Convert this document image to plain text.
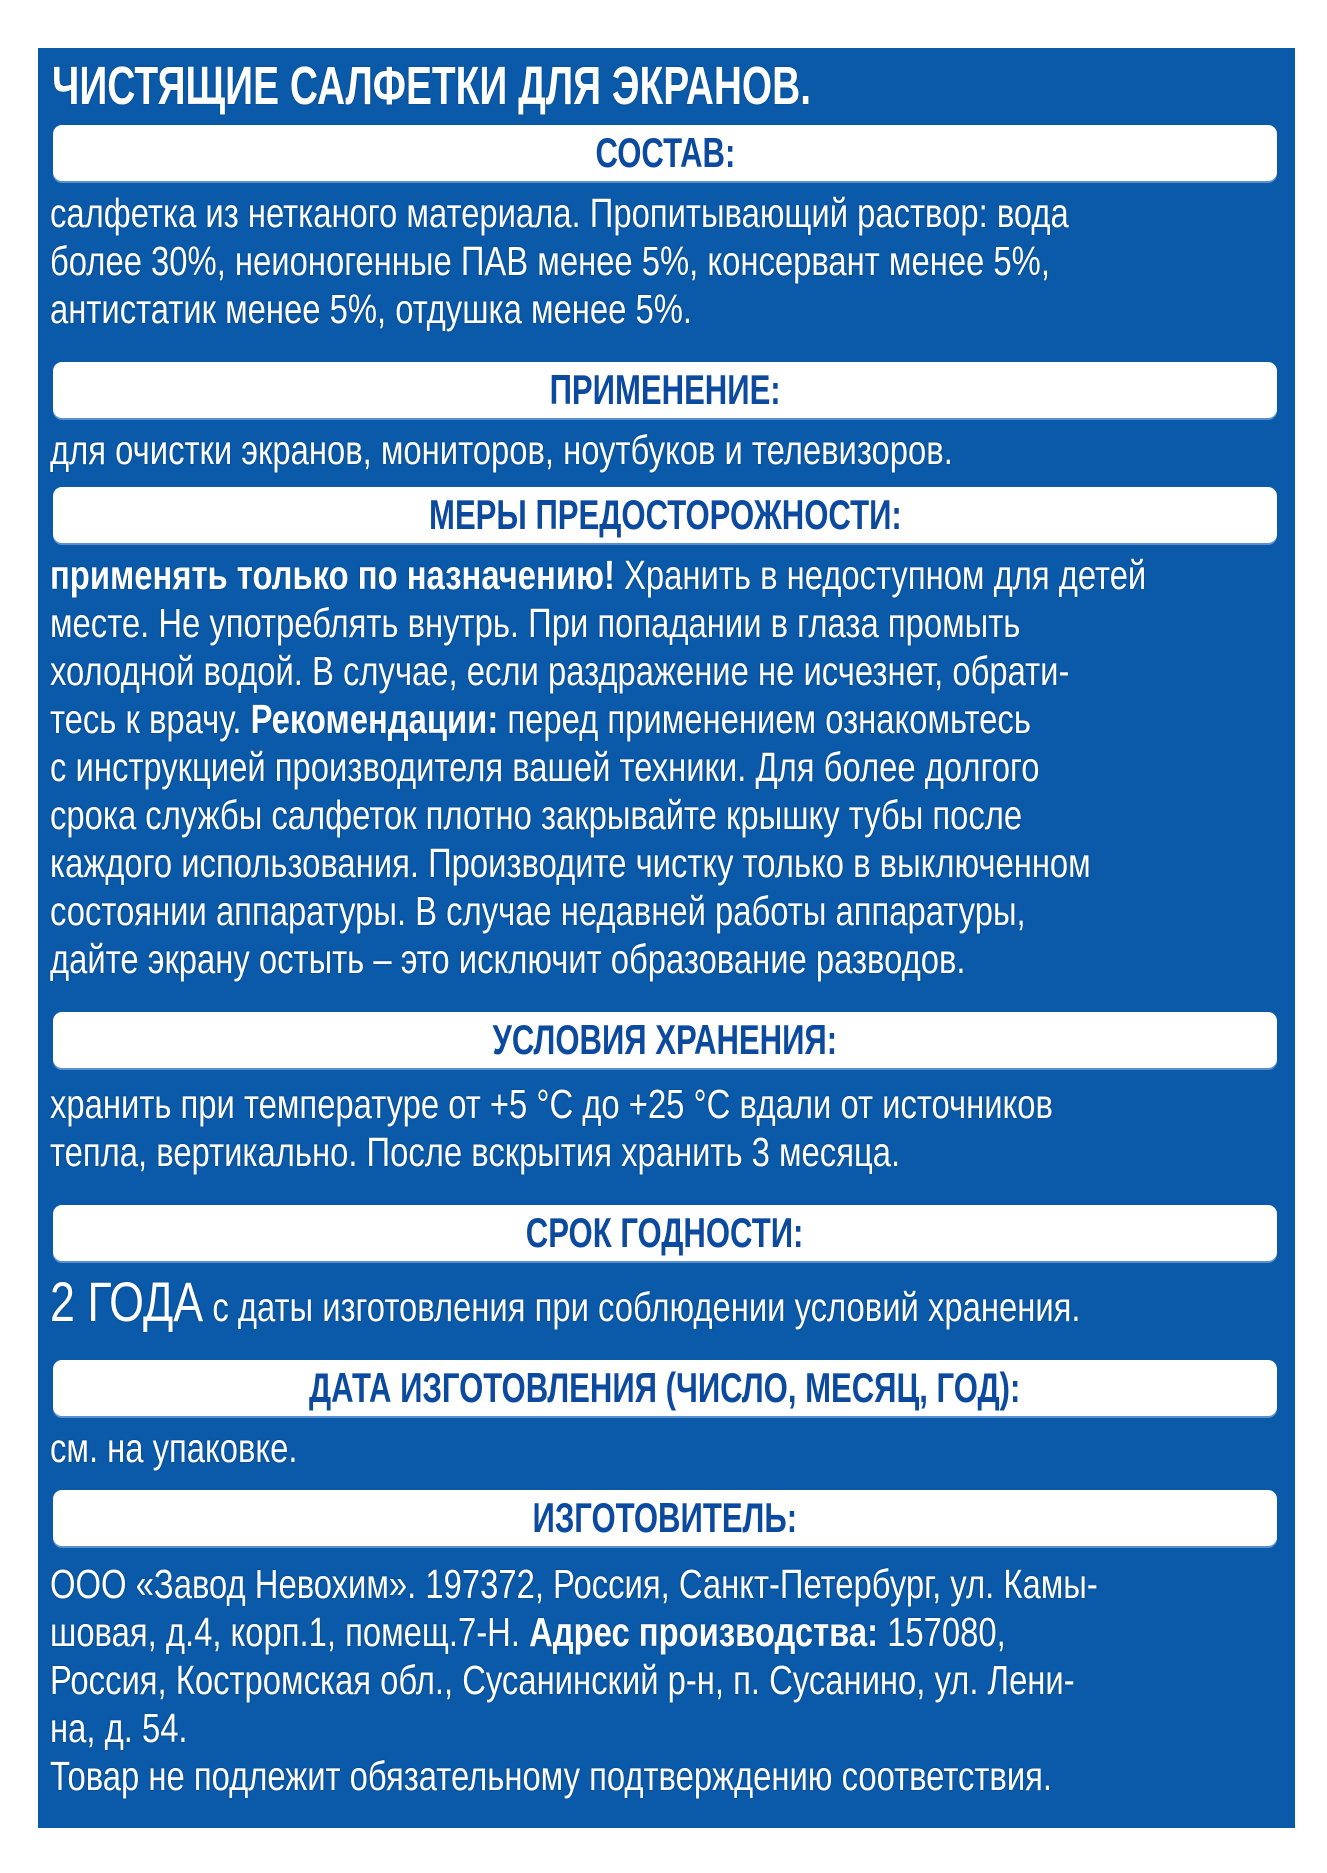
ЧИСТЯЩИЕ САЛФЕТКИ ДЛЯ ЭКРАНОВ.
СОСТАВ:
салфетка из нетканого материала. Пропитывающий раствор: вода
более 30%, неионогенные ПАВ менее 5%, консервант менее 5%,
антистатик менее 5%, отдушка менее 5%.
ПРИМЕНЕНИЕ:
для очистки экранов, мониторов, ноутбуков и телевизоров.
МЕРЫ ПРЕДОСТОРОЖНОСТИ:
применять только по назначению! Хранить в недоступном для детей
месте. Не употреблять внутрь. При попадании в глаза промыть
холодной водой. В случае, если раздражение не исчезнет, обрати-
тесь к врачу. Рекомендации: перед применением ознакомьтесь
с инструкцией производителя вашей техники. Для более долгого
срока службы салфеток плотно закрывайте крышку тубы после
каждого использования. Производите чистку только в выключенном
состоянии аппаратуры. В случае недавней работы аппаратуры,
дайте экрану остыть – это исключит образование разводов.
УСЛОВИЯ ХРАНЕНИЯ:
хранить при температуре от +5 °С до +25 °С вдали от источников
тепла, вертикально. После вскрытия хранить 3 месяца.
СРОК ГОДНОСТИ:
2 ГОДА с даты изготовления при соблюдении условий хранения.
ДАТА ИЗГОТОВЛЕНИЯ (ЧИСЛО, МЕСЯЦ, ГОД):
см. на упаковке.
ИЗГОТОВИТЕЛЬ:
ООО «Завод Невохим». 197372, Россия, Санкт-Петербург, ул. Камы-
шовая, д.4, корп.1, помещ.7-Н. Адрес производства: 157080,
Россия, Костромская обл., Сусанинский р-н, п. Сусанино, ул. Лени-
на, д. 54.
Товар не подлежит обязательному подтверждению соответствия.
